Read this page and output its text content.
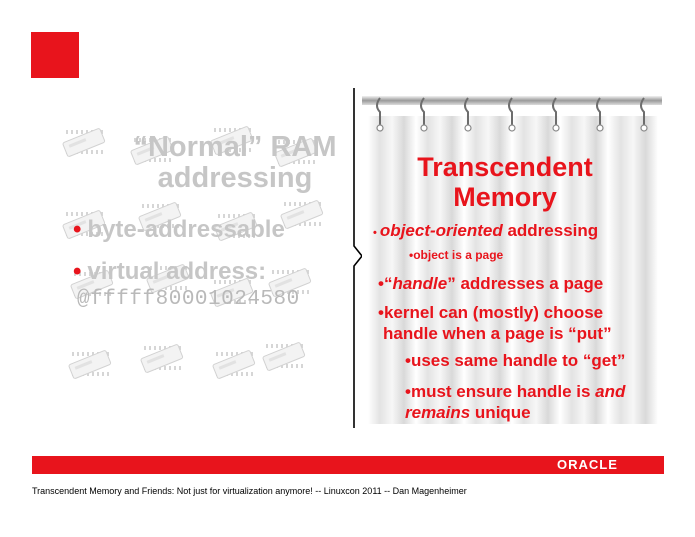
“Normal” RAM
addressing
• byte-addressable
• virtual address:
@fffff80001024580
Transcendent
Memory
• object-oriented addressing
•object is a page
•“handle” addresses a page
•kernel can (mostly) choose
handle when a page is “put”
•uses same handle to “get”
•must ensure handle is and
remains unique
ORACLE
Transcendent Memory and Friends: Not just for virtualization anymore! -- Linuxcon 2011 -- Dan Magenheimer
